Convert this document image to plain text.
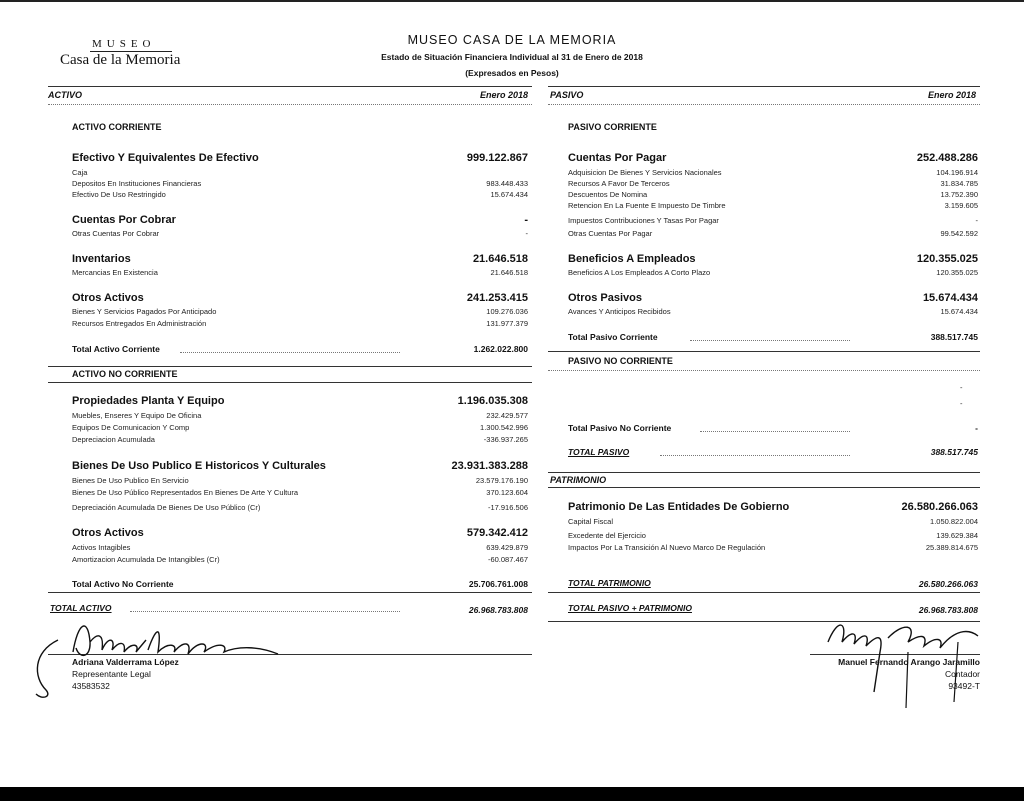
MUSEO
Casa de la Memoria
MUSEO CASA DE LA MEMORIA
Estado de Situación Financiera Individual al 31 de Enero de 2018
(Expresados en Pesos)
ACTIVO	Enero 2018 PASIVO	Enero 2018
ACTIVO CORRIENTE
Efectivo Y Equivalentes De Efectivo	999.122.867
Caja
Depositos En Instituciones Financieras	983.448.433
Efectivo De Uso Restringido	15.674.434
Cuentas Por Cobrar	-
Otras Cuentas Por Cobrar	-
Inventarios	21.646.518
Mercancias En Existencia	21.646.518
Otros Activos	241.253.415
Bienes Y Servicios Pagados Por Anticipado	109.276.036
Recursos Entregados En Administración	131.977.379
Total Activo Corriente	1.262.022.800
ACTIVO NO CORRIENTE
Propiedades Planta Y Equipo	1.196.035.308
Muebles, Enseres Y Equipo De Oficina	232.429.577
Equipos De Comunicacion Y Comp	1.300.542.996
Depreciacion Acumulada	-336.937.265
Bienes De Uso Publico E Historicos Y Culturales	23.931.383.288
Bienes De Uso Publico En Servicio	23.579.176.190
Bienes De Uso Público Representados En Bienes De Arte Y Cultura	370.123.604
Depreciación Acumulada De Bienes De Uso Público (Cr)	-17.916.506
Otros Activos	579.342.412
Activos Intagibles	639.429.879
Amortizacion Acumulada De Intangibles (Cr)	-60.087.467
Total Activo No Corriente	25.706.761.008
TOTAL ACTIVO	26.968.783.808
PASIVO CORRIENTE
Cuentas Por Pagar	252.488.286
Adquisicion De Bienes Y Servicios Nacionales	104.196.914
Recursos A Favor De Terceros	31.834.785
Descuentos De Nomina	13.752.390
Retencion En La Fuente E Impuesto De Timbre	3.159.605
Impuestos Contribuciones Y Tasas Por Pagar	-
Otras Cuentas Por Pagar	99.542.592
Beneficios A Empleados	120.355.025
Beneficios A Los Empleados A Corto Plazo	120.355.025
Otros Pasivos	15.674.434
Avances Y Anticipos Recibidos	15.674.434
Total Pasivo Corriente	388.517.745
PASIVO NO CORRIENTE
-
-
Total Pasivo No Corriente	-
TOTAL PASIVO	388.517.745
PATRIMONIO
Patrimonio De Las Entidades De Gobierno	26.580.266.063
Capital Fiscal	1.050.822.004
Excedente del Ejercicio	139.629.384
Impactos Por La Transición Al Nuevo Marco De Regulación	25.389.814.675
TOTAL PATRIMONIO	26.580.266.063
TOTAL PASIVO + PATRIMONIO	26.968.783.808
Adriana Valderrama López
Representante Legal
43583532
Manuel Fernando Arango Jaramillo
Contador
93492-T
